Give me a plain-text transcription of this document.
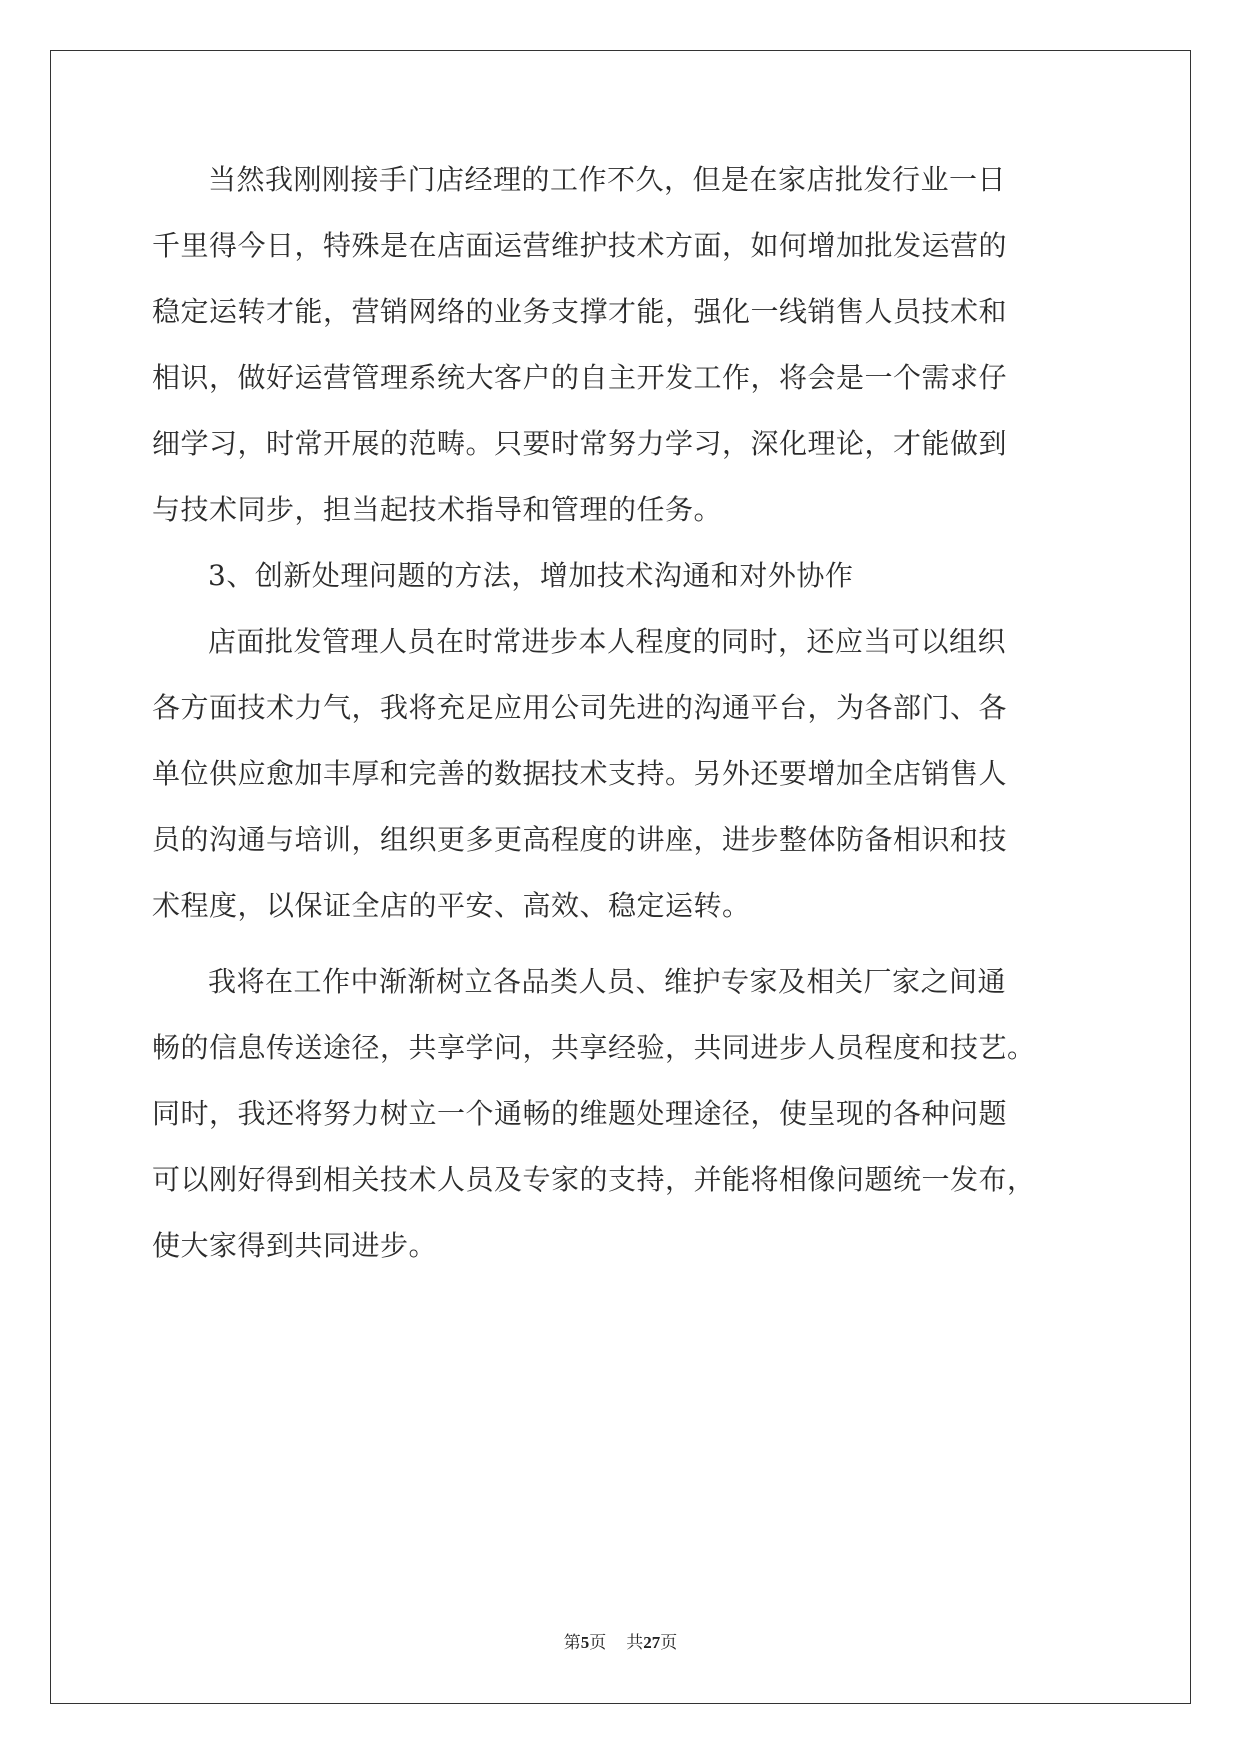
当然我刚刚接手门店经理的工作不久，但是在家店批发行业一日
千里得今日，特殊是在店面运营维护技术方面，如何增加批发运营的
稳定运转才能，营销网络的业务支撑才能，强化一线销售人员技术和
相识，做好运营管理系统大客户的自主开发工作，将会是一个需求仔
细学习，时常开展的范畴。只要时常努力学习，深化理论，才能做到
与技术同步，担当起技术指导和管理的任务。
3、创新处理问题的方法，增加技术沟通和对外协作
店面批发管理人员在时常进步本人程度的同时，还应当可以组织
各方面技术力气，我将充足应用公司先进的沟通平台，为各部门、各
单位供应愈加丰厚和完善的数据技术支持。另外还要增加全店销售人
员的沟通与培训，组织更多更高程度的讲座，进步整体防备相识和技
术程度，以保证全店的平安、高效、稳定运转。
我将在工作中渐渐树立各品类人员、维护专家及相关厂家之间通
畅的信息传送途径，共享学问，共享经验，共同进步人员程度和技艺。
同时，我还将努力树立一个通畅的维题处理途径，使呈现的各种问题
可以刚好得到相关技术人员及专家的支持，并能将相像问题统一发布，
使大家得到共同进步。
第5页 共27页
